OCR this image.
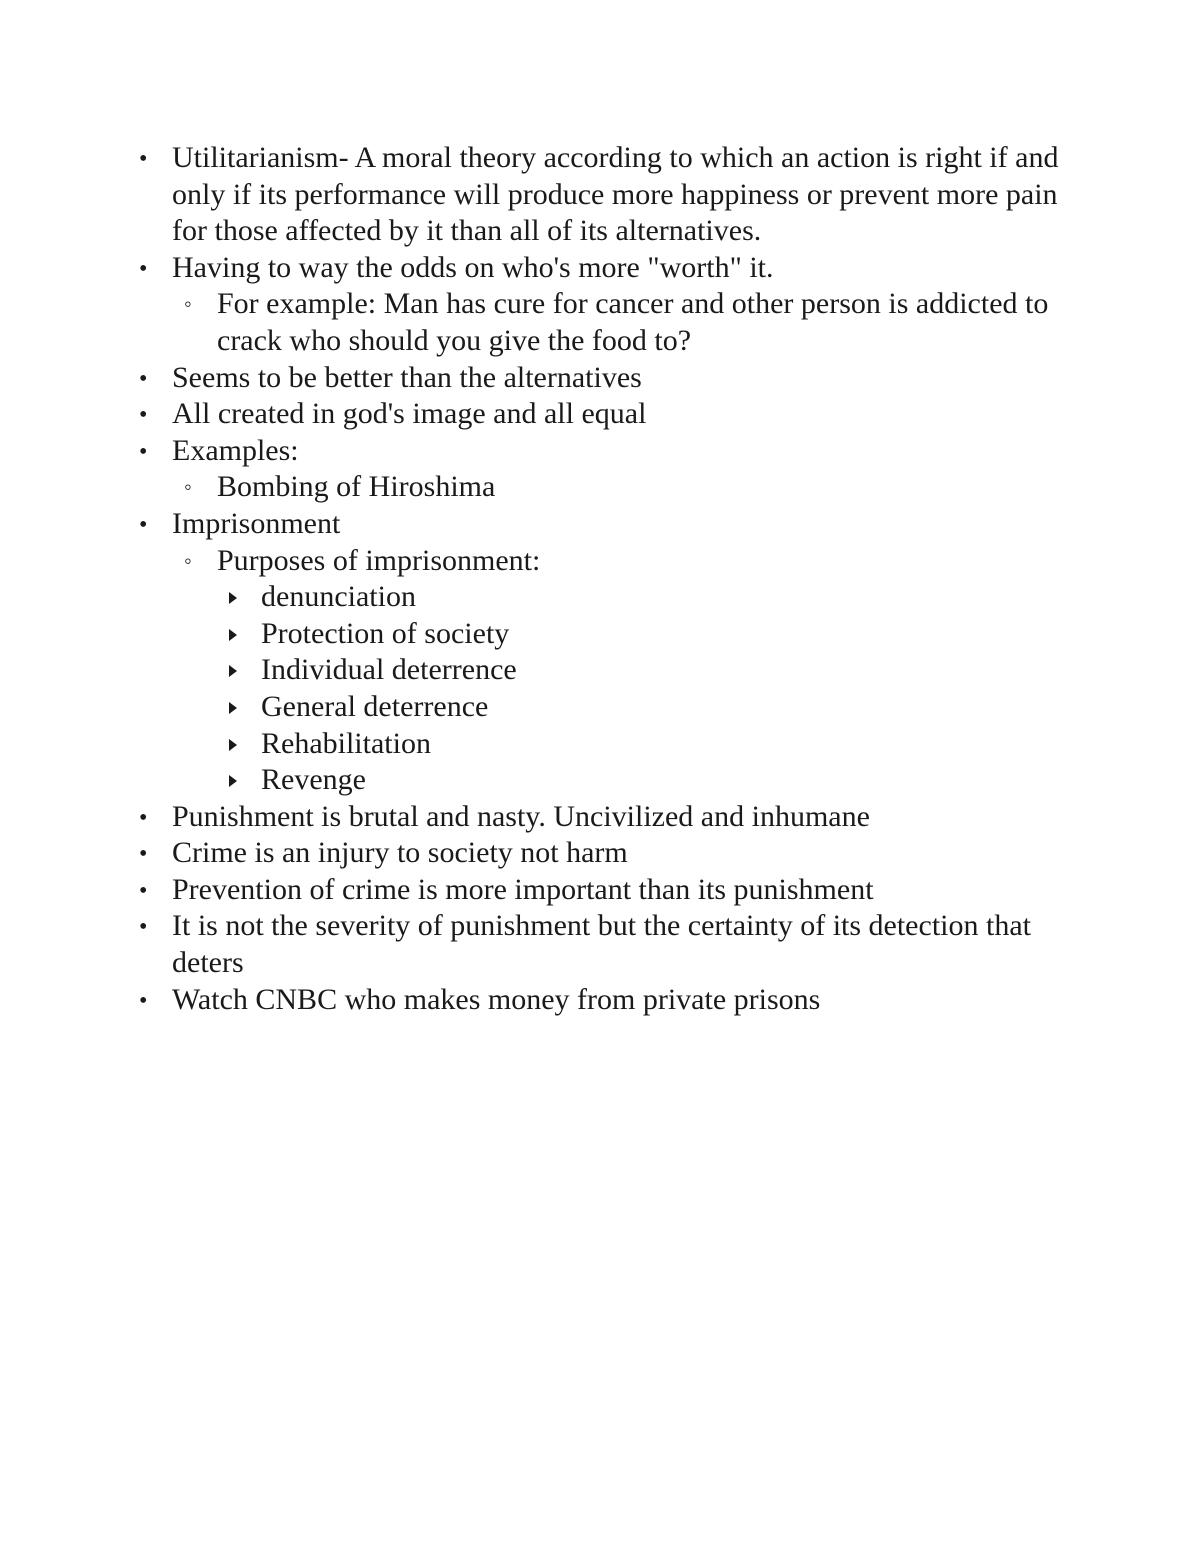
• Utilitarianism- A moral theory according to which an action is right if and only if its performance will produce more happiness or prevent more pain for those affected by it than all of its alternatives.
• Having to way the odds on who's more "worth" it.
◦ For example: Man has cure for cancer and other person is addicted to crack who should you give the food to?
• Seems to be better than the alternatives
• All created in god's image and all equal
• Examples:
◦ Bombing of Hiroshima
• Imprisonment
◦ Purposes of imprisonment:
denunciation
Protection of society
Individual deterrence
General deterrence
Rehabilitation
Revenge
• Punishment is brutal and nasty. Uncivilized and inhumane
• Crime is an injury to society not harm
• Prevention of crime is more important than its punishment
• It is not the severity of punishment but the certainty of its detection that deters
• Watch CNBC who makes money from private prisons
